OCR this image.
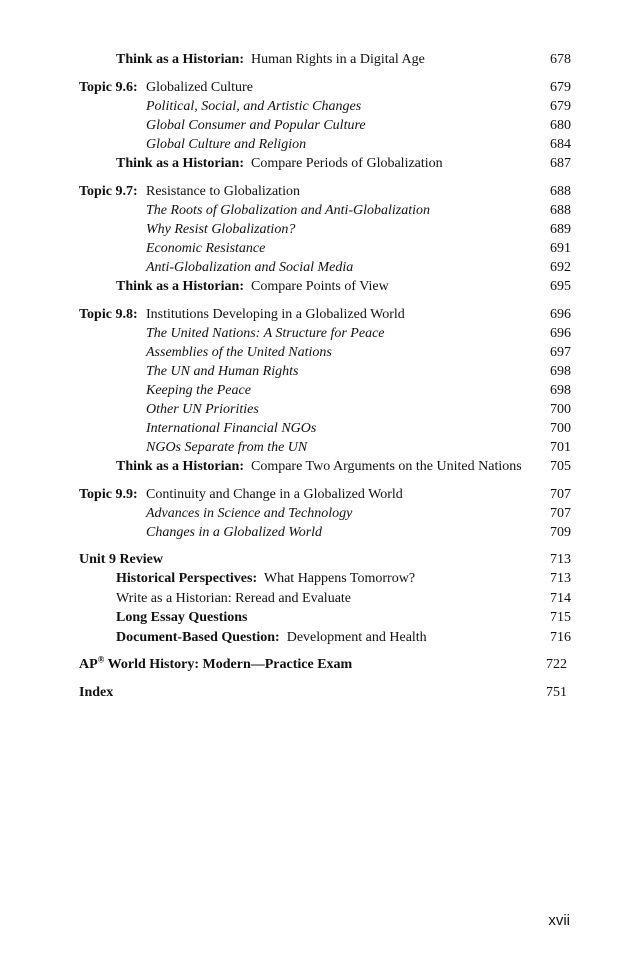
Think as a Historian: Human Rights in a Digital Age	678
Topic 9.6: Globalized Culture	679
Political, Social, and Artistic Changes	679
Global Consumer and Popular Culture	680
Global Culture and Religion	684
Think as a Historian: Compare Periods of Globalization	687
Topic 9.7: Resistance to Globalization	688
The Roots of Globalization and Anti-Globalization	688
Why Resist Globalization?	689
Economic Resistance	691
Anti-Globalization and Social Media	692
Think as a Historian: Compare Points of View	695
Topic 9.8: Institutions Developing in a Globalized World	696
The United Nations: A Structure for Peace	696
Assemblies of the United Nations	697
The UN and Human Rights	698
Keeping the Peace	698
Other UN Priorities	700
International Financial NGOs	700
NGOs Separate from the UN	701
Think as a Historian: Compare Two Arguments on the United Nations	705
Topic 9.9: Continuity and Change in a Globalized World	707
Advances in Science and Technology	707
Changes in a Globalized World	709
Unit 9 Review	713
Historical Perspectives: What Happens Tomorrow?	713
Write as a Historian: Reread and Evaluate	714
Long Essay Questions	715
Document-Based Question: Development and Health	716
AP® World History: Modern—Practice Exam	722
Index	751
xvii
